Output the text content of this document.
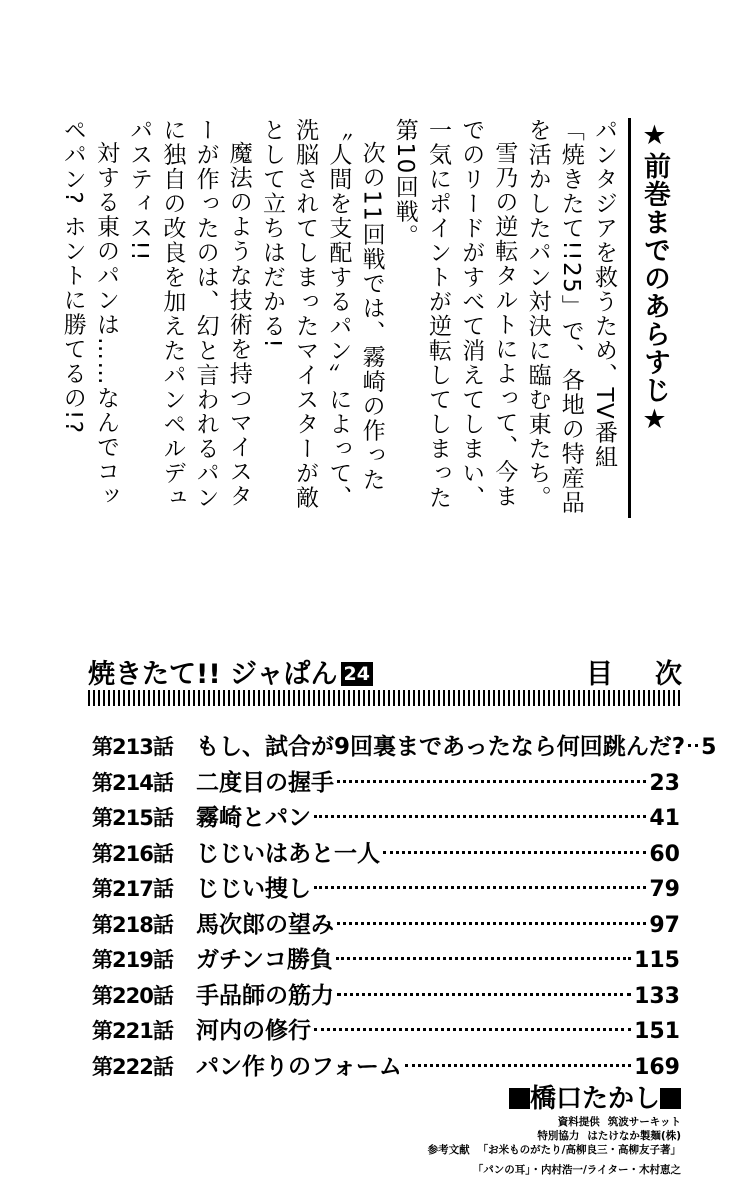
★前巻までのあらすじ★

パンタジアを救うため、TV番組「焼きたて!!25」で、各地の特産品を活かしたパン対決に臨む東たち。

雪乃の逆転タルトによって、今までのリードがすべて消えてしまい、一気にポイントが逆転してしまった第10回戦。

次の11回戦では、霧崎の作った〝人間を支配するパン〟によって、洗脳されてしまったマイスターが敵として立ちはだかる!

魔法のような技術を持つマイスターが作ったのは、幻と言われるパンに独自の改良を加えたパンペルデュパスティス!!

対する東のパンは……なんでコッペパン? ホントに勝てるの!?

焼きたて!! ジャぱん 24	目次
第213話	もし、試合が9回裏まであったなら何回跳んだ? 5
第214話	二度目の握手	23
第215話	霧崎とパン	41
第216話	じじいはあと一人	60
第217話	じじい捜し	79
第218話	馬次郎の望み	97
第219話	ガチンコ勝負	115
第220話	手品師の筋力	133
第221話	河内の修行	151
第222話	パン作りのフォーム	169
橋口たかし
資料提供 筑波サーキット
特別協力 はたけなか製麺(株)
参考文献 「お米ものがたり/高柳良三・高柳友子著」
「パンの耳」・内村浩一/ライター・木村恵之
